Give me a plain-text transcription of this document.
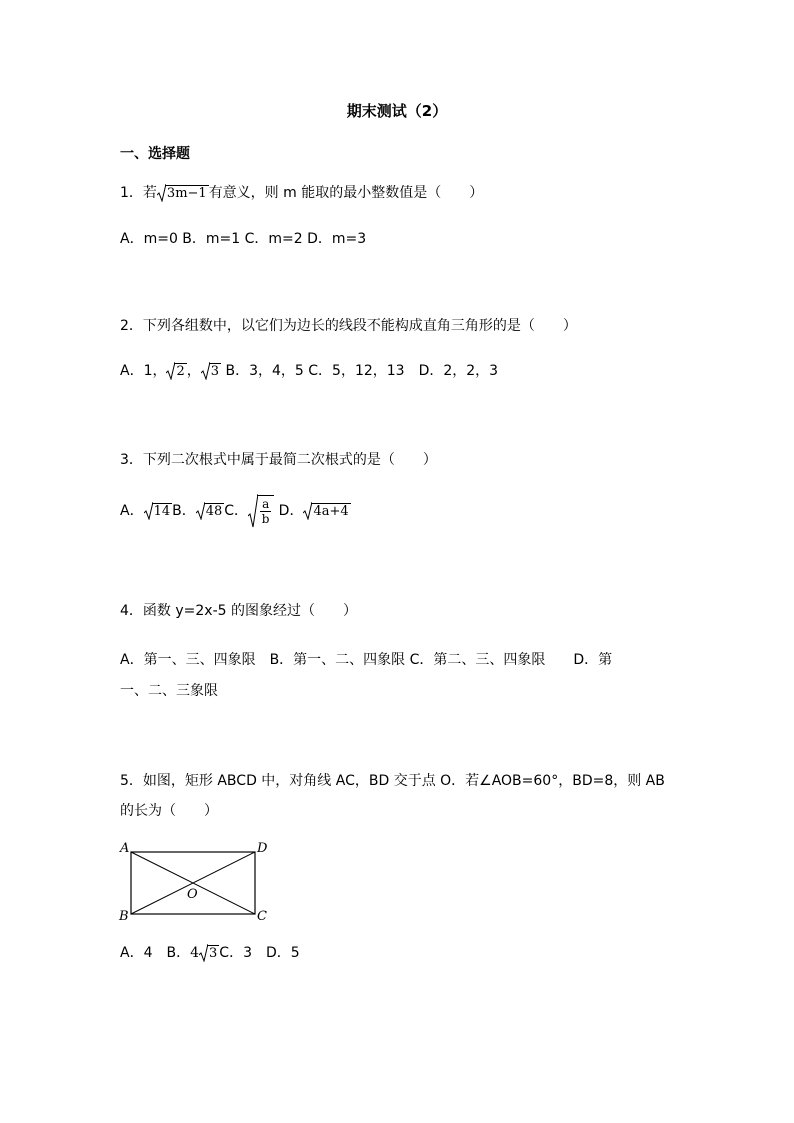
期末测试（2）
一、选择题
1．若 3m−1 有意义，则 m 能取的最小整数值是（　　）
A．m=0 B．m=1 C．m=2 D．m=3
2．下列各组数中，以它们为边长的线段不能构成直角三角形的是（　　）
A．1， 2 ， 3 B．3，4，5 C．5，12，13　D．2，2，3
3．下列二次根式中属于最简二次根式的是（　　）
A． 14 B． 48 C． $\frac{a}{b}$ D． 4a+4
4．函数 y=2x-5 的图象经过（　　）
A．第一、三、四象限　B．第一、二、四象限 C．第二、三、四象限　　D．第
一、二、三象限
5．如图，矩形 ABCD 中，对角线 AC，BD 交于点 O．若∠AOB=60°，BD=8，则 AB
的长为（　　）
A	D
B	C
O
A．4　B．4 3 C．3　D．5
